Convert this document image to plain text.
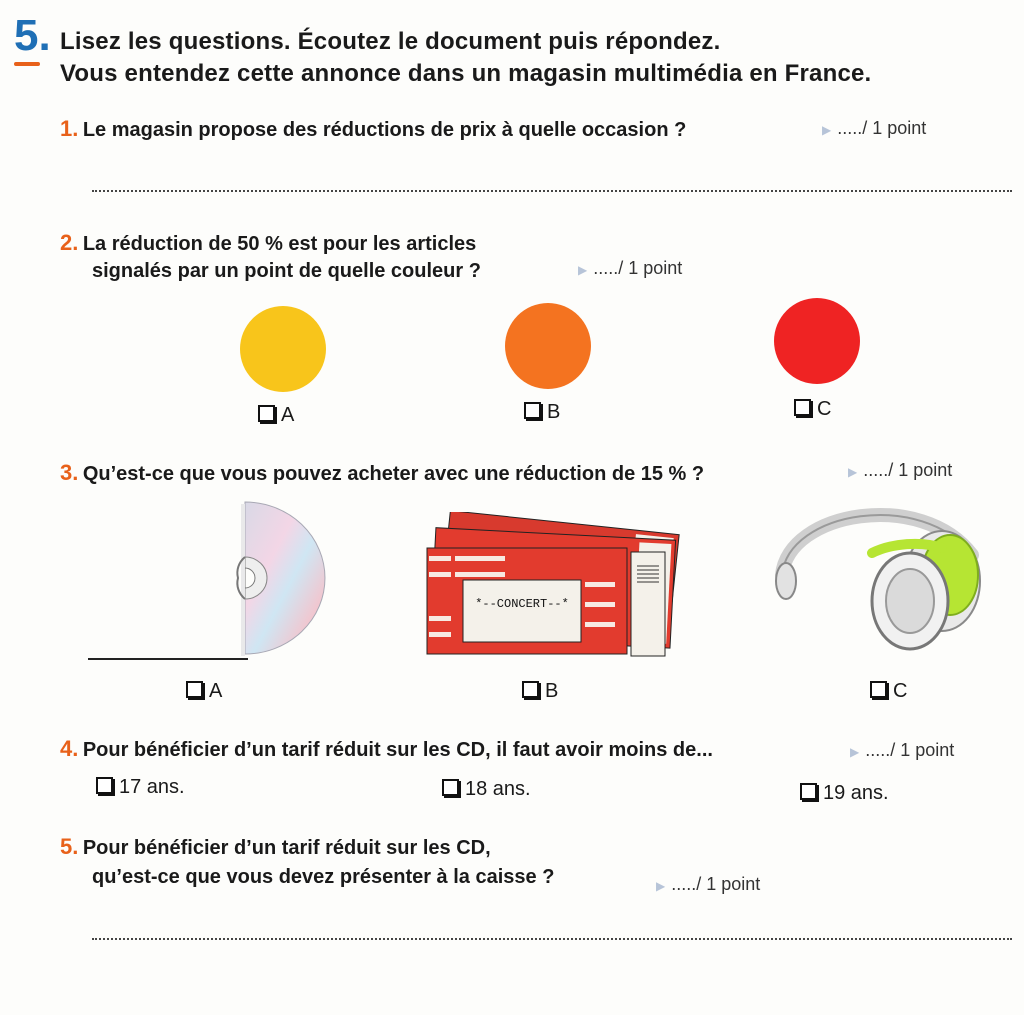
5. Lisez les questions. Écoutez le document puis répondez.
Vous entendez cette annonce dans un magasin multimédia en France.
1. Le magasin propose des réductions de prix à quelle occasion ?	▶ ...../ 1 point
2. La réduction de 50 % est pour les articles
signalés par un point de quelle couleur ?	▶ ...../ 1 point
A	B	C
3. Qu’est-ce que vous pouvez acheter avec une réduction de 15 % ?	▶ ...../ 1 point
*--CONCERT--*
A	B	C
4. Pour bénéficier d’un tarif réduit sur les CD, il faut avoir moins de...	▶ ...../ 1 point
17 ans.	18 ans.	19 ans.
5. Pour bénéficier d’un tarif réduit sur les CD,
qu’est-ce que vous devez présenter à la caisse ?	▶ ...../ 1 point
